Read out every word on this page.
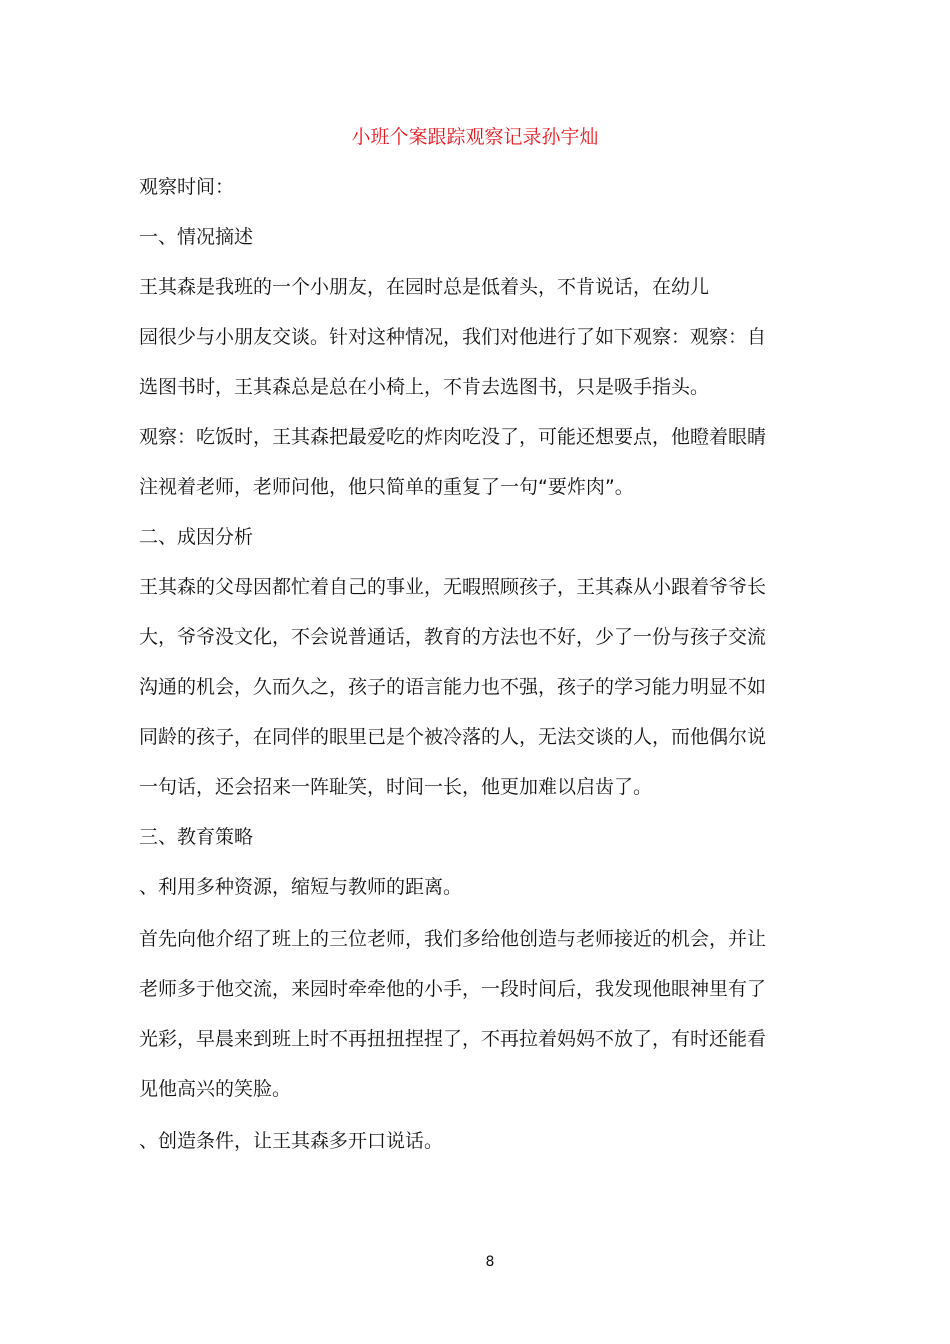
小班个案跟踪观察记录孙宇灿
观察时间：
一、情况摘述
王其森是我班的一个小朋友，在园时总是低着头，不肯说话，在幼儿
园很少与小朋友交谈。针对这种情况，我们对他进行了如下观察：观察：自
选图书时，王其森总是总在小椅上，不肯去选图书，只是吸手指头。
观察：吃饭时，王其森把最爱吃的炸肉吃没了，可能还想要点，他瞪着眼睛
注视着老师，老师问他，他只简单的重复了一句“要炸肉”。
二、成因分析
王其森的父母因都忙着自己的事业，无暇照顾孩子，王其森从小跟着爷爷长
大，爷爷没文化，不会说普通话，教育的方法也不好，少了一份与孩子交流
沟通的机会，久而久之，孩子的语言能力也不强，孩子的学习能力明显不如
同龄的孩子，在同伴的眼里已是个被冷落的人，无法交谈的人，而他偶尔说
一句话，还会招来一阵耻笑，时间一长，他更加难以启齿了。
三、教育策略
、利用多种资源，缩短与教师的距离。
首先向他介绍了班上的三位老师，我们多给他创造与老师接近的机会，并让
老师多于他交流，来园时牵牵他的小手，一段时间后，我发现他眼神里有了
光彩，早晨来到班上时不再扭扭捏捏了，不再拉着妈妈不放了，有时还能看
见他高兴的笑脸。
、创造条件，让王其森多开口说话。
8
